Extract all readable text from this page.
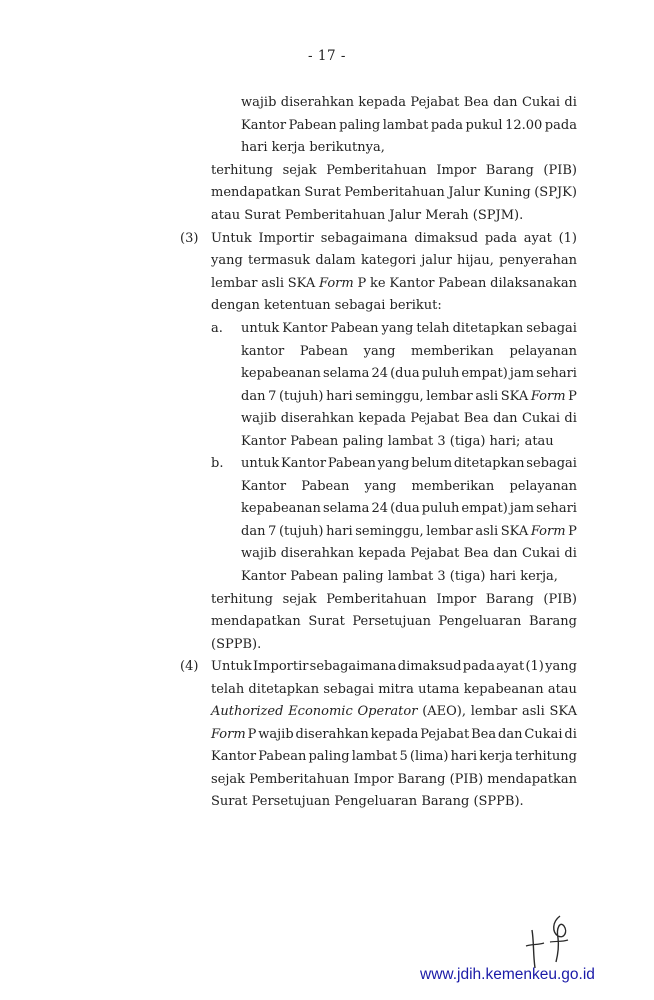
- 17 -
wajib diserahkan kepada Pejabat Bea dan Cukai di
Kantor Pabean paling lambat pada pukul 12.00 pada
hari kerja berikutnya,
terhitung sejak Pemberitahuan Impor Barang (PIB)
mendapatkan Surat Pemberitahuan Jalur Kuning (SPJK)
atau Surat Pemberitahuan Jalur Merah (SPJM).
(3) Untuk Importir sebagaimana dimaksud pada ayat (1)
yang termasuk dalam kategori jalur hijau, penyerahan
lembar asli SKA Form P ke Kantor Pabean dilaksanakan
dengan ketentuan sebagai berikut:
a. untuk Kantor Pabean yang telah ditetapkan sebagai
kantor Pabean yang memberikan pelayanan
kepabeanan selama 24 (dua puluh empat) jam sehari
dan 7 (tujuh) hari seminggu, lembar asli SKA Form P
wajib diserahkan kepada Pejabat Bea dan Cukai di
Kantor Pabean paling lambat 3 (tiga) hari; atau
b. untuk Kantor Pabean yang belum ditetapkan sebagai
Kantor Pabean yang memberikan pelayanan
kepabeanan selama 24 (dua puluh empat) jam sehari
dan 7 (tujuh) hari seminggu, lembar asli SKA Form P
wajib diserahkan kepada Pejabat Bea dan Cukai di
Kantor Pabean paling lambat 3 (tiga) hari kerja,
terhitung sejak Pemberitahuan Impor Barang (PIB)
mendapatkan Surat Persetujuan Pengeluaran Barang
(SPPB).
(4) Untuk Importir sebagaimana dimaksud pada ayat (1) yang
telah ditetapkan sebagai mitra utama kepabeanan atau
Authorized Economic Operator (AEO), lembar asli SKA
Form P wajib diserahkan kepada Pejabat Bea dan Cukai di
Kantor Pabean paling lambat 5 (lima) hari kerja terhitung
sejak Pemberitahuan Impor Barang (PIB) mendapatkan
Surat Persetujuan Pengeluaran Barang (SPPB).
www.jdih.kemenkeu.go.id
